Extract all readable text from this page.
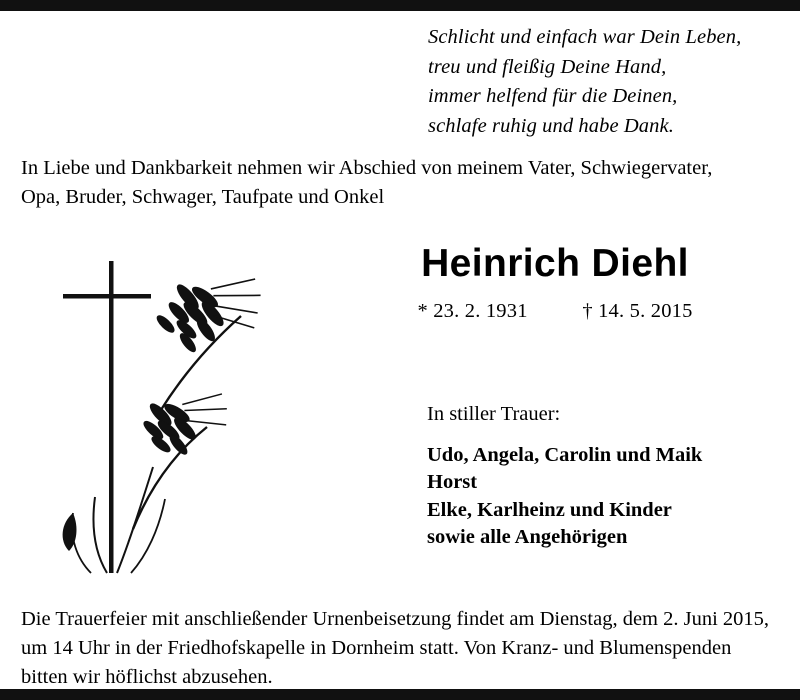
Schlicht und einfach war Dein Leben,
treu und fleißig Deine Hand,
immer helfend für die Deinen,
schlafe ruhig und habe Dank.
In Liebe und Dankbarkeit nehmen wir Abschied von meinem Vater, Schwiegervater,
Opa, Bruder, Schwager, Taufpate und Onkel
Heinrich Diehl
* 23. 2. 1931	† 14. 5. 2015
In stiller Trauer:
Udo, Angela, Carolin und Maik
Horst
Elke, Karlheinz und Kinder
sowie alle Angehörigen
Die Trauerfeier mit anschließender Urnenbeisetzung findet am Dienstag, dem 2. Juni 2015,
um 14 Uhr in der Friedhofskapelle in Dornheim statt. Von Kranz- und Blumenspenden
bitten wir höflichst abzusehen.
